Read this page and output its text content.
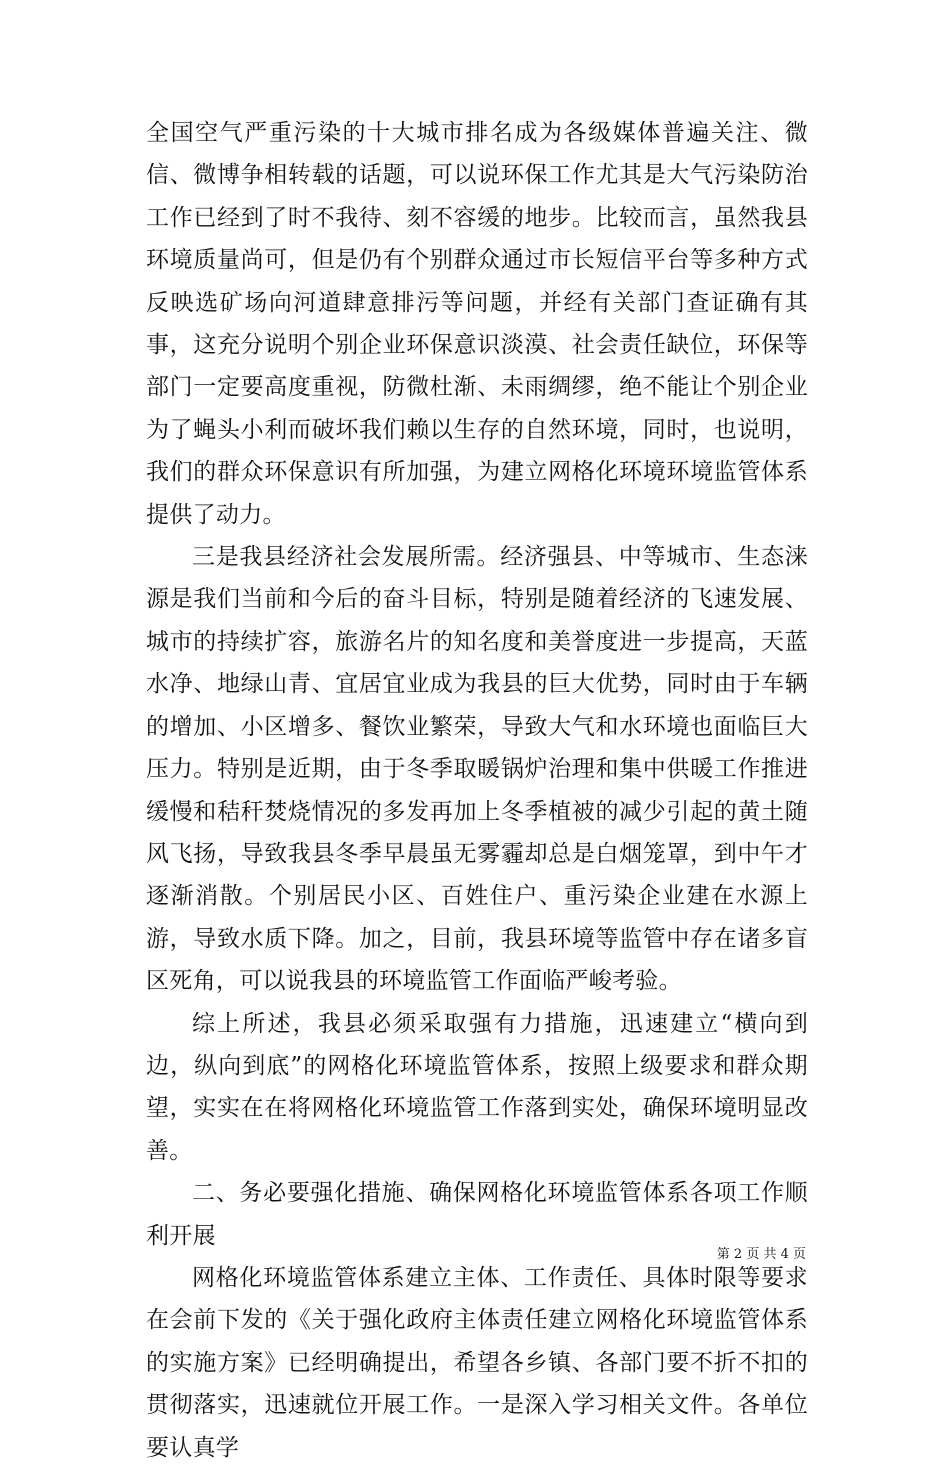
全国空气严重污染的十大城市排名成为各级媒体普遍关注、微信、微博争相转载的话题，可以说环保工作尤其是大气污染防治工作已经到了时不我待、刻不容缓的地步。比较而言，虽然我县环境质量尚可，但是仍有个别群众通过市长短信平台等多种方式反映选矿场向河道肆意排污等问题，并经有关部门查证确有其事，这充分说明个别企业环保意识淡漠、社会责任缺位，环保等部门一定要高度重视，防微杜渐、未雨绸缪，绝不能让个别企业为了蝇头小利而破坏我们赖以生存的自然环境，同时，也说明，我们的群众环保意识有所加强，为建立网格化环境环境监管体系提供了动力。

三是我县经济社会发展所需。经济强县、中等城市、生态涞源是我们当前和今后的奋斗目标，特别是随着经济的飞速发展、城市的持续扩容，旅游名片的知名度和美誉度进一步提高，天蓝水净、地绿山青、宜居宜业成为我县的巨大优势，同时由于车辆的增加、小区增多、餐饮业繁荣，导致大气和水环境也面临巨大压力。特别是近期，由于冬季取暖锅炉治理和集中供暖工作推进缓慢和秸秆焚烧情况的多发再加上冬季植被的减少引起的黄土随风飞扬，导致我县冬季早晨虽无雾霾却总是白烟笼罩，到中午才逐渐消散。个别居民小区、百姓住户、重污染企业建在水源上游，导致水质下降。加之，目前，我县环境等监管中存在诸多盲区死角，可以说我县的环境监管工作面临严峻考验。

综上所述，我县必须采取强有力措施，迅速建立“横向到边，纵向到底”的网格化环境监管体系，按照上级要求和群众期望，实实在在将网格化环境监管工作落到实处，确保环境明显改善。

二、务必要强化措施、确保网格化环境监管体系各项工作顺利开展

网格化环境监管体系建立主体、工作责任、具体时限等要求在会前下发的《关于强化政府主体责任建立网格化环境监管体系的实施方案》已经明确提出，希望各乡镇、各部门要不折不扣的贯彻落实，迅速就位开展工作。一是深入学习相关文件。各单位要认真学

第 2 页 共 4 页
